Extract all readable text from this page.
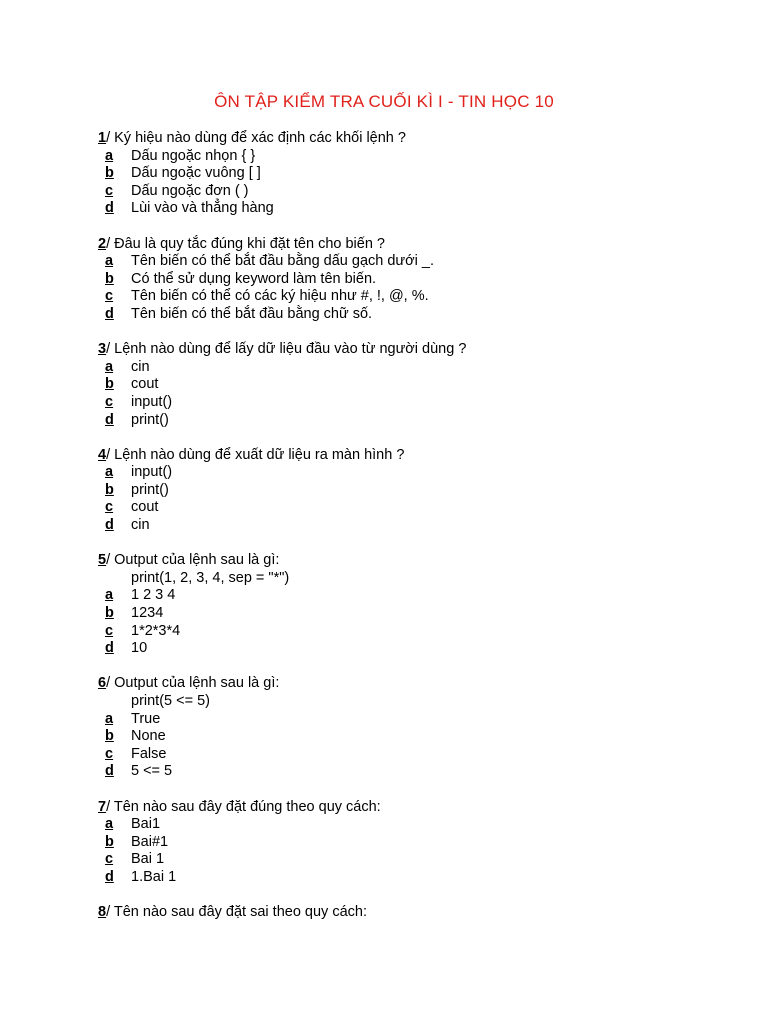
ÔN TẬP KIỂM TRA CUỐI KÌ I - TIN HỌC 10
1/ Ký hiệu nào dùng để xác định các khối lệnh ?
a Dấu ngoặc nhọn { }
b Dấu ngoặc vuông [ ]
c Dấu ngoặc đơn ( )
d Lùi vào và thẳng hàng
2/ Đâu là quy tắc đúng khi đặt tên cho biến ?
a Tên biến có thể bắt đầu bằng dấu gạch dưới _.
b Có thể sử dụng keyword làm tên biến.
c Tên biến có thể có các ký hiệu như #, !, @, %.
d Tên biến có thể bắt đầu bằng chữ số.
3/ Lệnh nào dùng để lấy dữ liệu đầu vào từ người dùng ?
a cin
b cout
c input()
d print()
4/ Lệnh nào dùng để xuất dữ liệu ra màn hình ?
a input()
b print()
c cout
d cin
5/ Output của lệnh sau là gì:
print(1, 2, 3, 4, sep = "*")
a 1 2 3 4
b 1234
c 1*2*3*4
d 10
6/ Output của lệnh sau là gì:
print(5 <= 5)
a True
b None
c False
d 5 <= 5
7/ Tên nào sau đây đặt đúng theo quy cách:
a Bai1
b Bai#1
c Bai 1
d 1.Bai 1
8/ Tên nào sau đây đặt sai theo quy cách:
